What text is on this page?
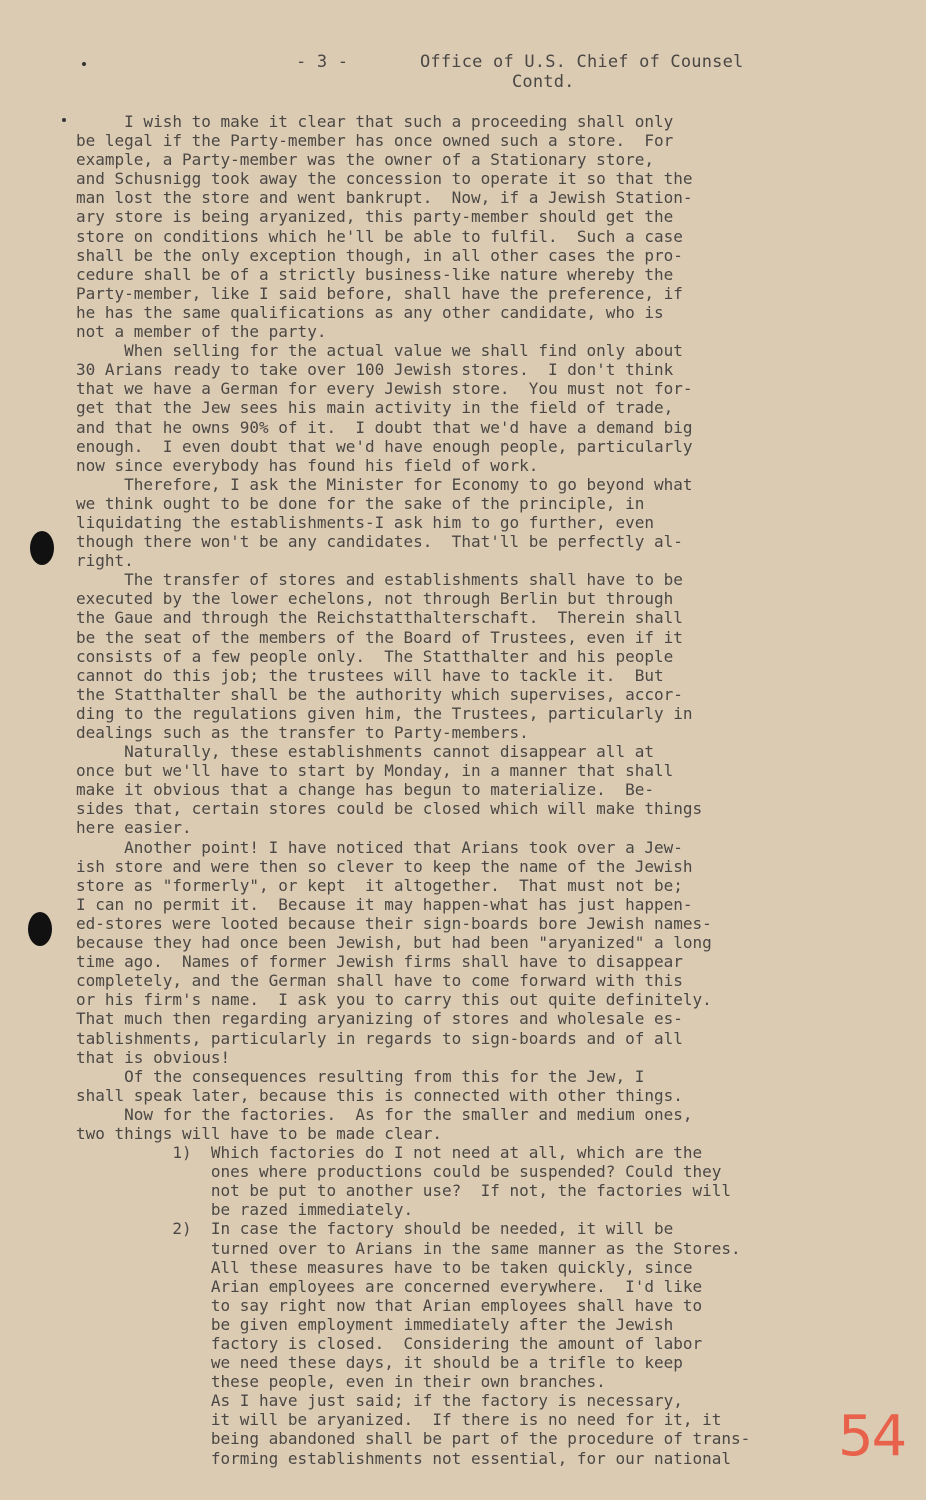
- 3 -	Office of U.S. Chief of Counsel
Contd.
I wish to make it clear that such a proceeding shall only
be legal if the Party-member has once owned such a store.  For
example, a Party-member was the owner of a Stationary store,
and Schusnigg took away the concession to operate it so that the
man lost the store and went bankrupt.  Now, if a Jewish Station-
ary store is being aryanized, this party-member should get the
store on conditions which he'll be able to fulfil.  Such a case
shall be the only exception though, in all other cases the pro-
cedure shall be of a strictly business-like nature whereby the
Party-member, like I said before, shall have the preference, if
he has the same qualifications as any other candidate, who is
not a member of the party.
When selling for the actual value we shall find only about
30 Arians ready to take over 100 Jewish stores.  I don't think
that we have a German for every Jewish store.  You must not for-
get that the Jew sees his main activity in the field of trade,
and that he owns 90% of it.  I doubt that we'd have a demand big
enough.  I even doubt that we'd have enough people, particularly
now since everybody has found his field of work.
Therefore, I ask the Minister for Economy to go beyond what
we think ought to be done for the sake of the principle, in
liquidating the establishments-I ask him to go further, even
though there won't be any candidates.  That'll be perfectly al-
right.
The transfer of stores and establishments shall have to be
executed by the lower echelons, not through Berlin but through
the Gaue and through the Reichstatthalterschaft.  Therein shall
be the seat of the members of the Board of Trustees, even if it
consists of a few people only.  The Statthalter and his people
cannot do this job; the trustees will have to tackle it.  But
the Statthalter shall be the authority which supervises, accor-
ding to the regulations given him, the Trustees, particularly in
dealings such as the transfer to Party-members.
Naturally, these establishments cannot disappear all at
once but we'll have to start by Monday, in a manner that shall
make it obvious that a change has begun to materialize.  Be-
sides that, certain stores could be closed which will make things
here easier.
Another point! I have noticed that Arians took over a Jew-
ish store and were then so clever to keep the name of the Jewish
store as "formerly", or kept  it altogether.  That must not be;
I can no permit it.  Because it may happen-what has just happen-
ed-stores were looted because their sign-boards bore Jewish names-
because they had once been Jewish, but had been "aryanized" a long
time ago.  Names of former Jewish firms shall have to disappear
completely, and the German shall have to come forward with this
or his firm's name.  I ask you to carry this out quite definitely.
That much then regarding aryanizing of stores and wholesale es-
tablishments, particularly in regards to sign-boards and of all
that is obvious!
Of the consequences resulting from this for the Jew, I
shall speak later, because this is connected with other things.
Now for the factories.  As for the smaller and medium ones,
two things will have to be made clear.
1)  Which factories do I not need at all, which are the
ones where productions could be suspended? Could they
not be put to another use?  If not, the factories will
be razed immediately.
2)  In case the factory should be needed, it will be
turned over to Arians in the same manner as the Stores.
All these measures have to be taken quickly, since
Arian employees are concerned everywhere.  I'd like
to say right now that Arian employees shall have to
be given employment immediately after the Jewish
factory is closed.  Considering the amount of labor
we need these days, it should be a trifle to keep
these people, even in their own branches.
As I have just said; if the factory is necessary,
it will be aryanized.  If there is no need for it, it
being abandoned shall be part of the procedure of trans-
forming establishments not essential, for our national	54
